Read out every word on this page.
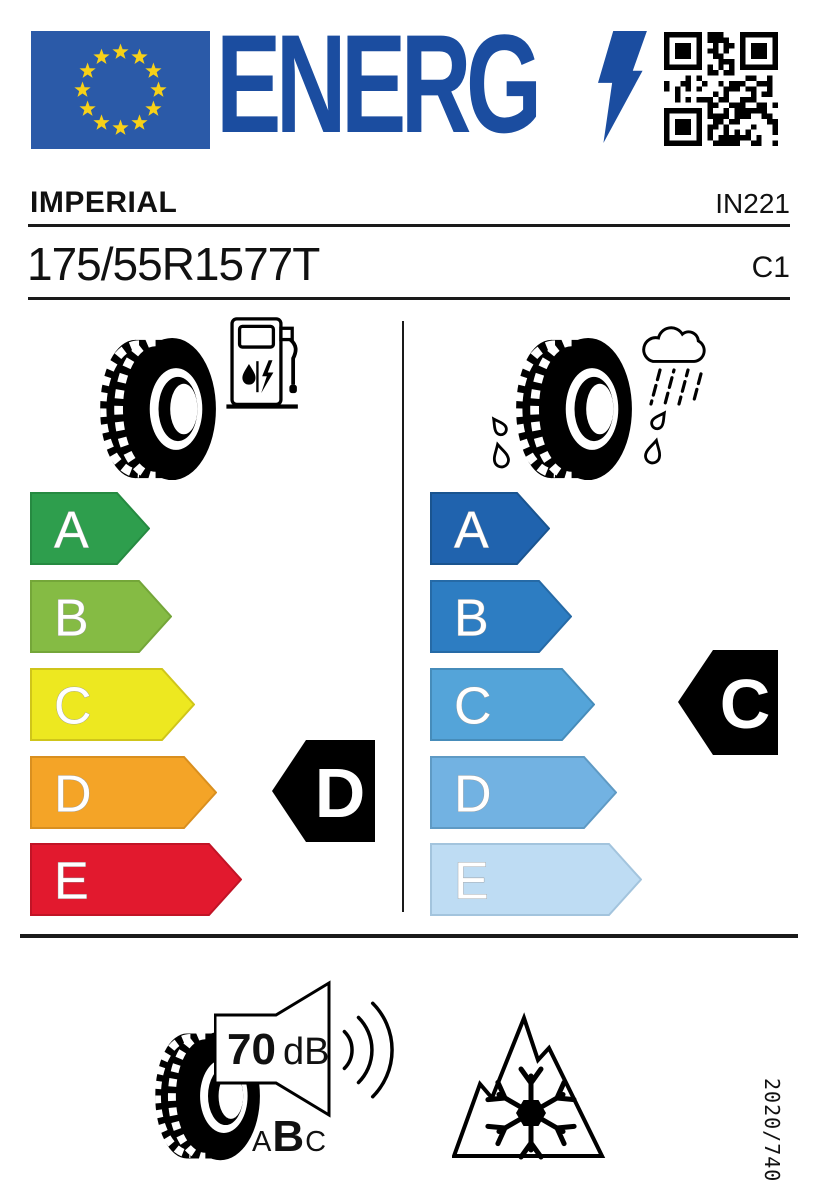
ENERG
IMPERIAL	IN221
175/55R1577T	C1
A
B
C
D
E
A
B
C
D
E
D
C
70 dB
A B C	2020/740
